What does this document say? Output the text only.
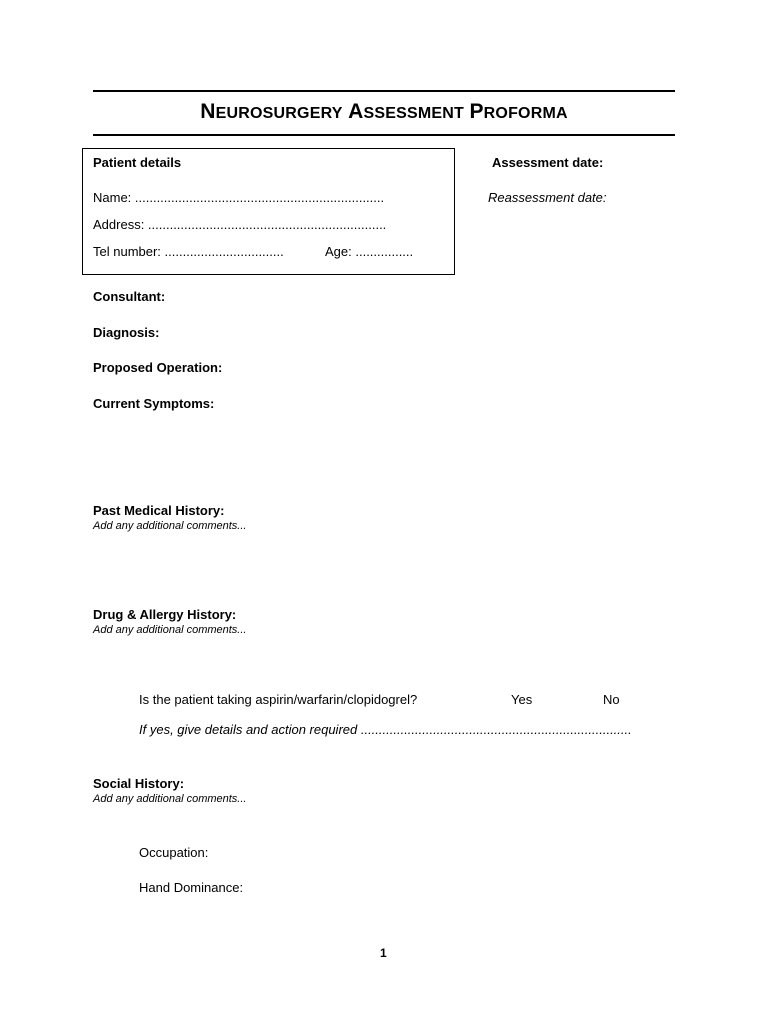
NEUROSURGERY ASSESSMENT PROFORMA
Patient details
Name: .....................................................................
Address: ..................................................................
Tel number: .................................	Age: ................
Assessment date:
Reassessment date:
Consultant:
Diagnosis:
Proposed Operation:
Current Symptoms:
Past Medical History:
Add any additional comments...
Drug & Allergy History:
Add any additional comments...
Is the patient taking aspirin/warfarin/clopidogrel?	Yes	No
If yes, give details and action required ...........................................................................
Social History:
Add any additional comments...
Occupation:
Hand Dominance:
1
